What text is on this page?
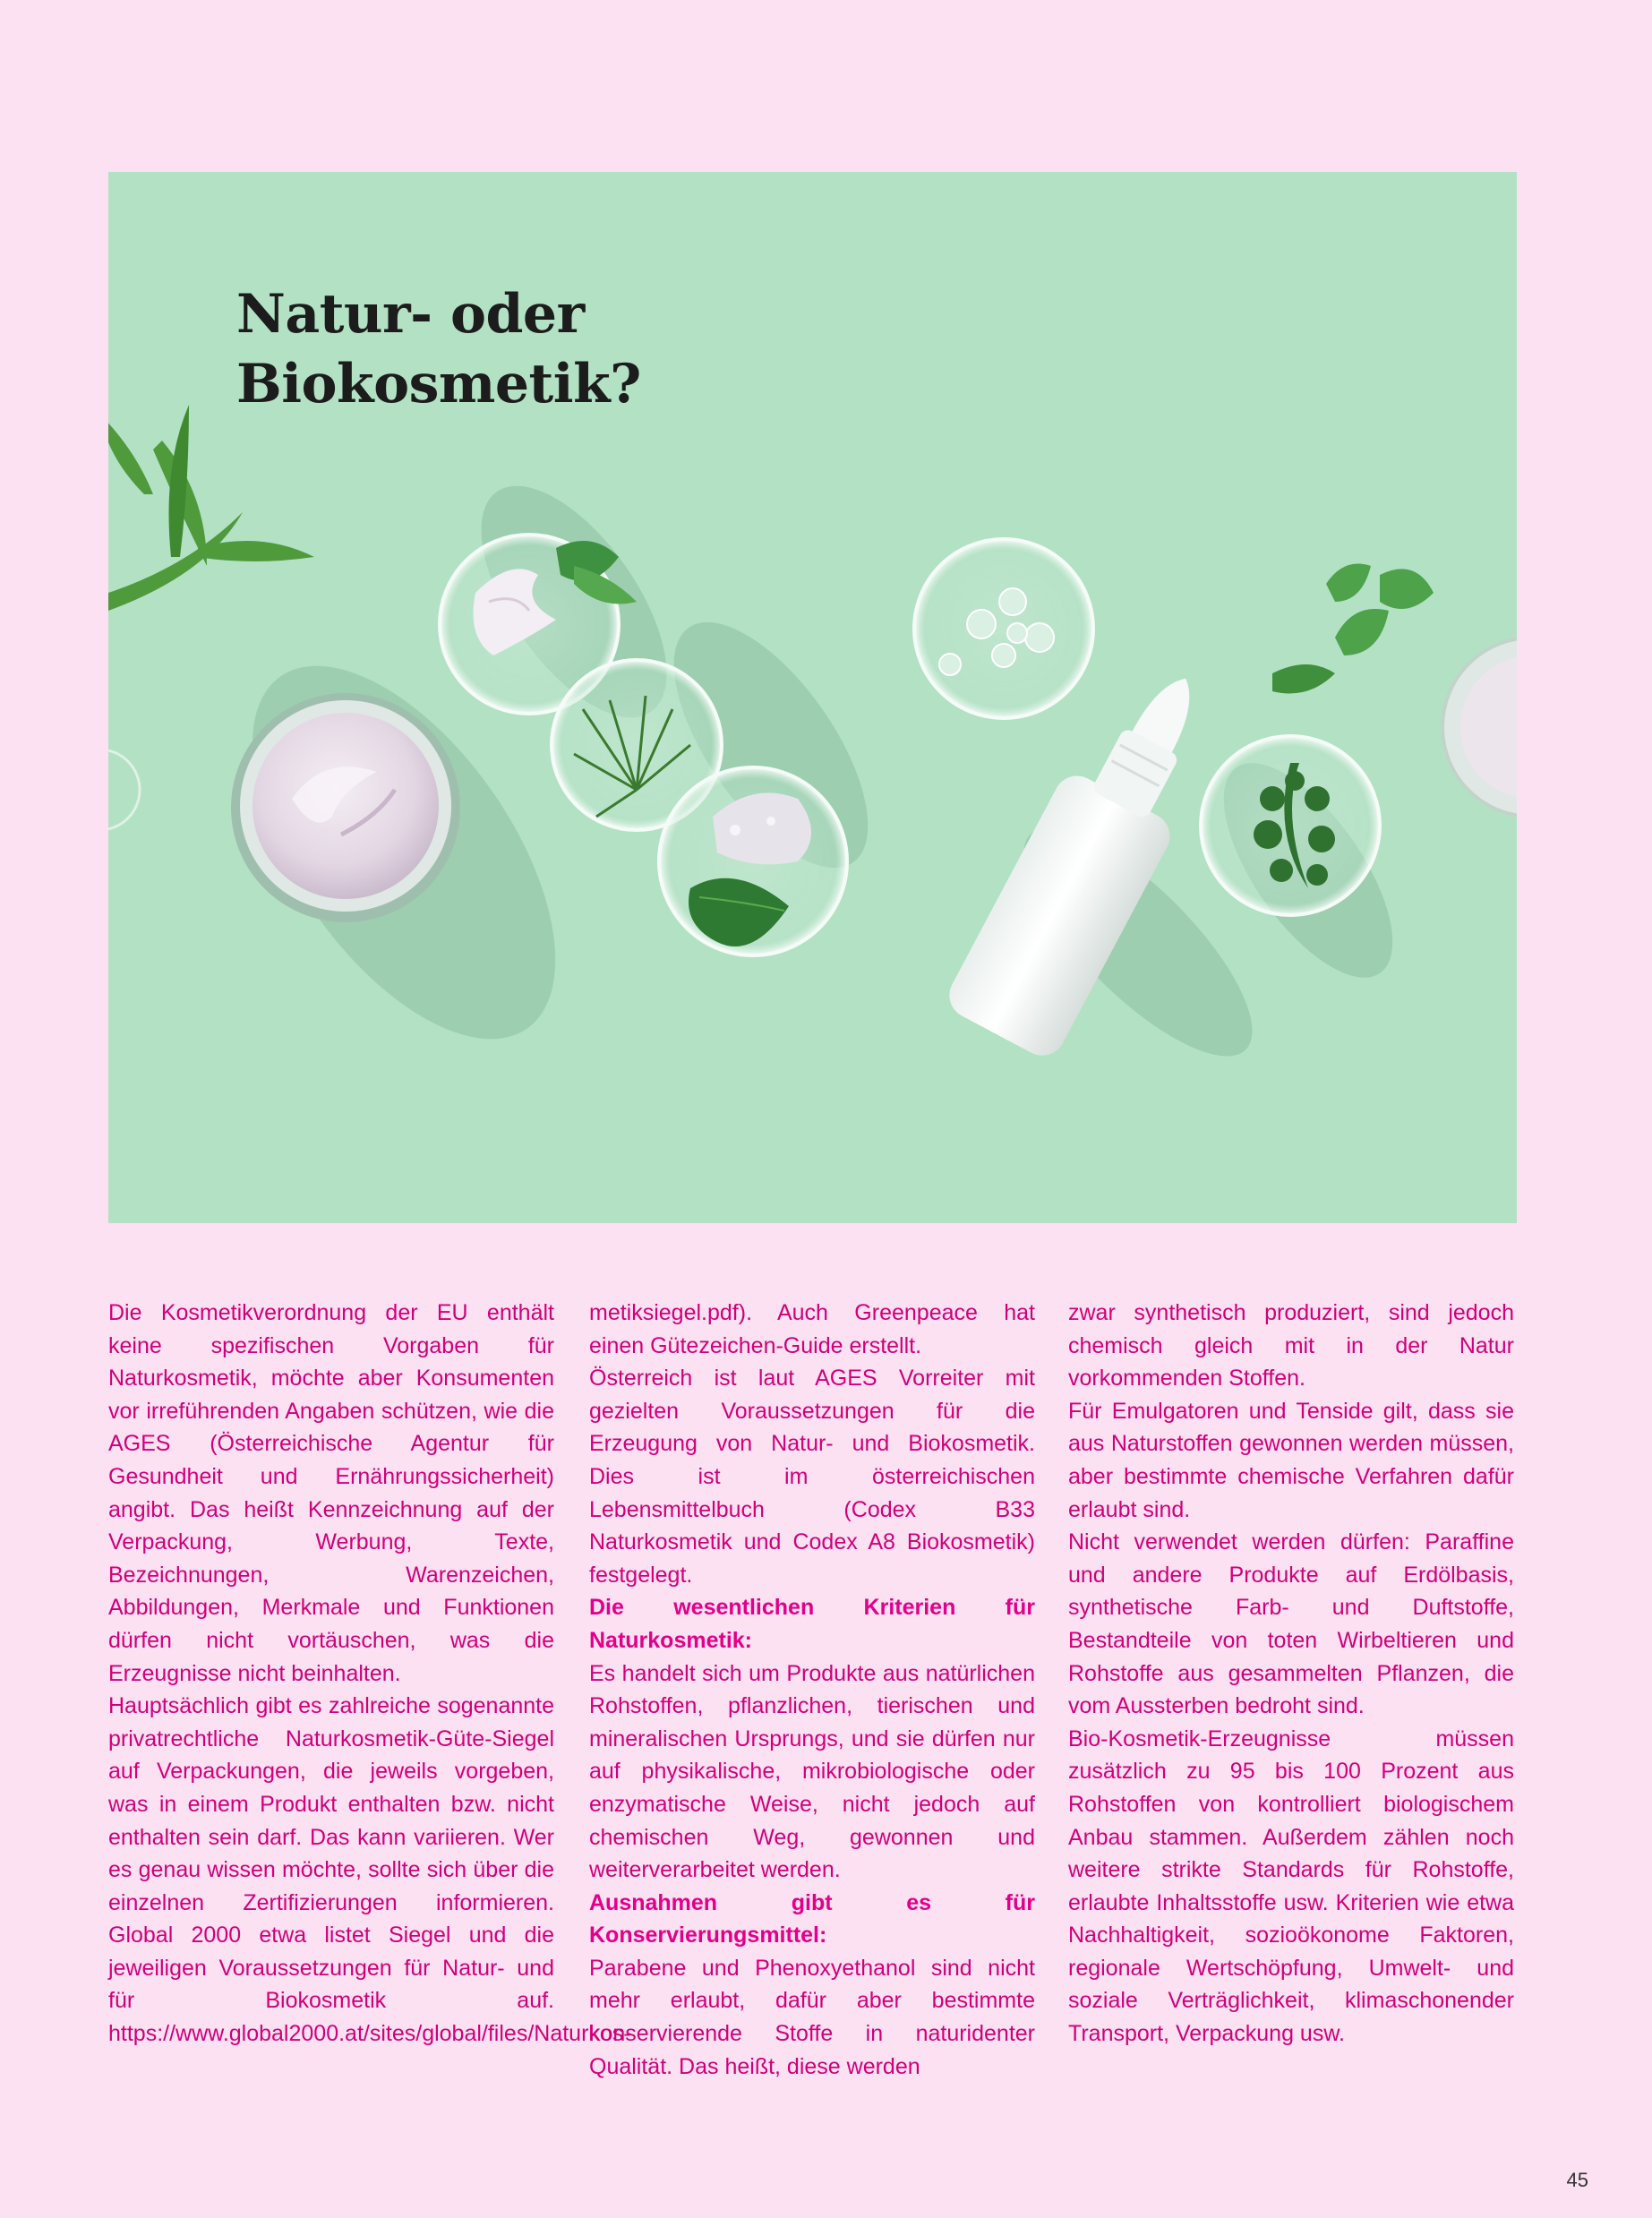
Natur- oder
Biokosmetik?

Die Kosmetikverordnung der EU enthält keine spezifischen Vorgaben für Naturkosmetik, möchte aber Konsumenten vor irreführenden Angaben schützen, wie die AGES (Österreichische Agentur für Gesundheit und Ernährungssicherheit) angibt. Das heißt Kennzeichnung auf der Verpackung, Werbung, Texte, Bezeichnungen, Warenzeichen, Abbildungen, Merkmale und Funktionen dürfen nicht vortäuschen, was die Erzeugnisse nicht beinhalten.

Hauptsächlich gibt es zahlreiche sogenannte privatrechtliche Naturkosmetik-Güte-Siegel auf Verpackungen, die jeweils vorgeben, was in einem Produkt enthalten bzw. nicht enthalten sein darf. Das kann variieren. Wer es genau wissen möchte, sollte sich über die einzelnen Zertifizierungen informieren. Global 2000 etwa listet Siegel und die jeweiligen Voraussetzungen für Natur- und für Biokosmetik auf. https://www.global2000.at/sites/global/files/Naturkos-

metiksiegel.pdf). Auch Greenpeace hat einen Gütezeichen-Guide erstellt.

Österreich ist laut AGES Vorreiter mit gezielten Voraussetzungen für die Erzeugung von Natur- und Biokosmetik. Dies ist im österreichischen Lebensmittelbuch (Codex B33 Naturkosmetik und Codex A8 Biokosmetik) festgelegt.

Die wesentlichen Kriterien für Naturkosmetik:

Es handelt sich um Produkte aus natürlichen Rohstoffen, pflanzlichen, tierischen und mineralischen Ursprungs, und sie dürfen nur auf physikalische, mikrobiologische oder enzymatische Weise, nicht jedoch auf chemischen Weg, gewonnen und weiterverarbeitet werden.

Ausnahmen gibt es für Konservierungsmittel:

Parabene und Phenoxyethanol sind nicht mehr erlaubt, dafür aber bestimmte konservierende Stoffe in naturidenter Qualität. Das heißt, diese werden

zwar synthetisch produziert, sind jedoch chemisch gleich mit in der Natur vorkommenden Stoffen.

Für Emulgatoren und Tenside gilt, dass sie aus Naturstoffen gewonnen werden müssen, aber bestimmte chemische Verfahren dafür erlaubt sind.

Nicht verwendet werden dürfen: Paraffine und andere Produkte auf Erdölbasis, synthetische Farb- und Duftstoffe, Bestandteile von toten Wirbeltieren und Rohstoffe aus gesammelten Pflanzen, die vom Aussterben bedroht sind.

Bio-Kosmetik-Erzeugnisse müssen zusätzlich zu 95 bis 100 Prozent aus Rohstoffen von kontrolliert biologischem Anbau stammen. Außerdem zählen noch weitere strikte Standards für Rohstoffe, erlaubte Inhaltsstoffe usw. Kriterien wie etwa Nachhaltigkeit, sozioökonome Faktoren, regionale Wertschöpfung, Umwelt- und soziale Verträglichkeit, klimaschonender Transport, Verpackung usw.

45
